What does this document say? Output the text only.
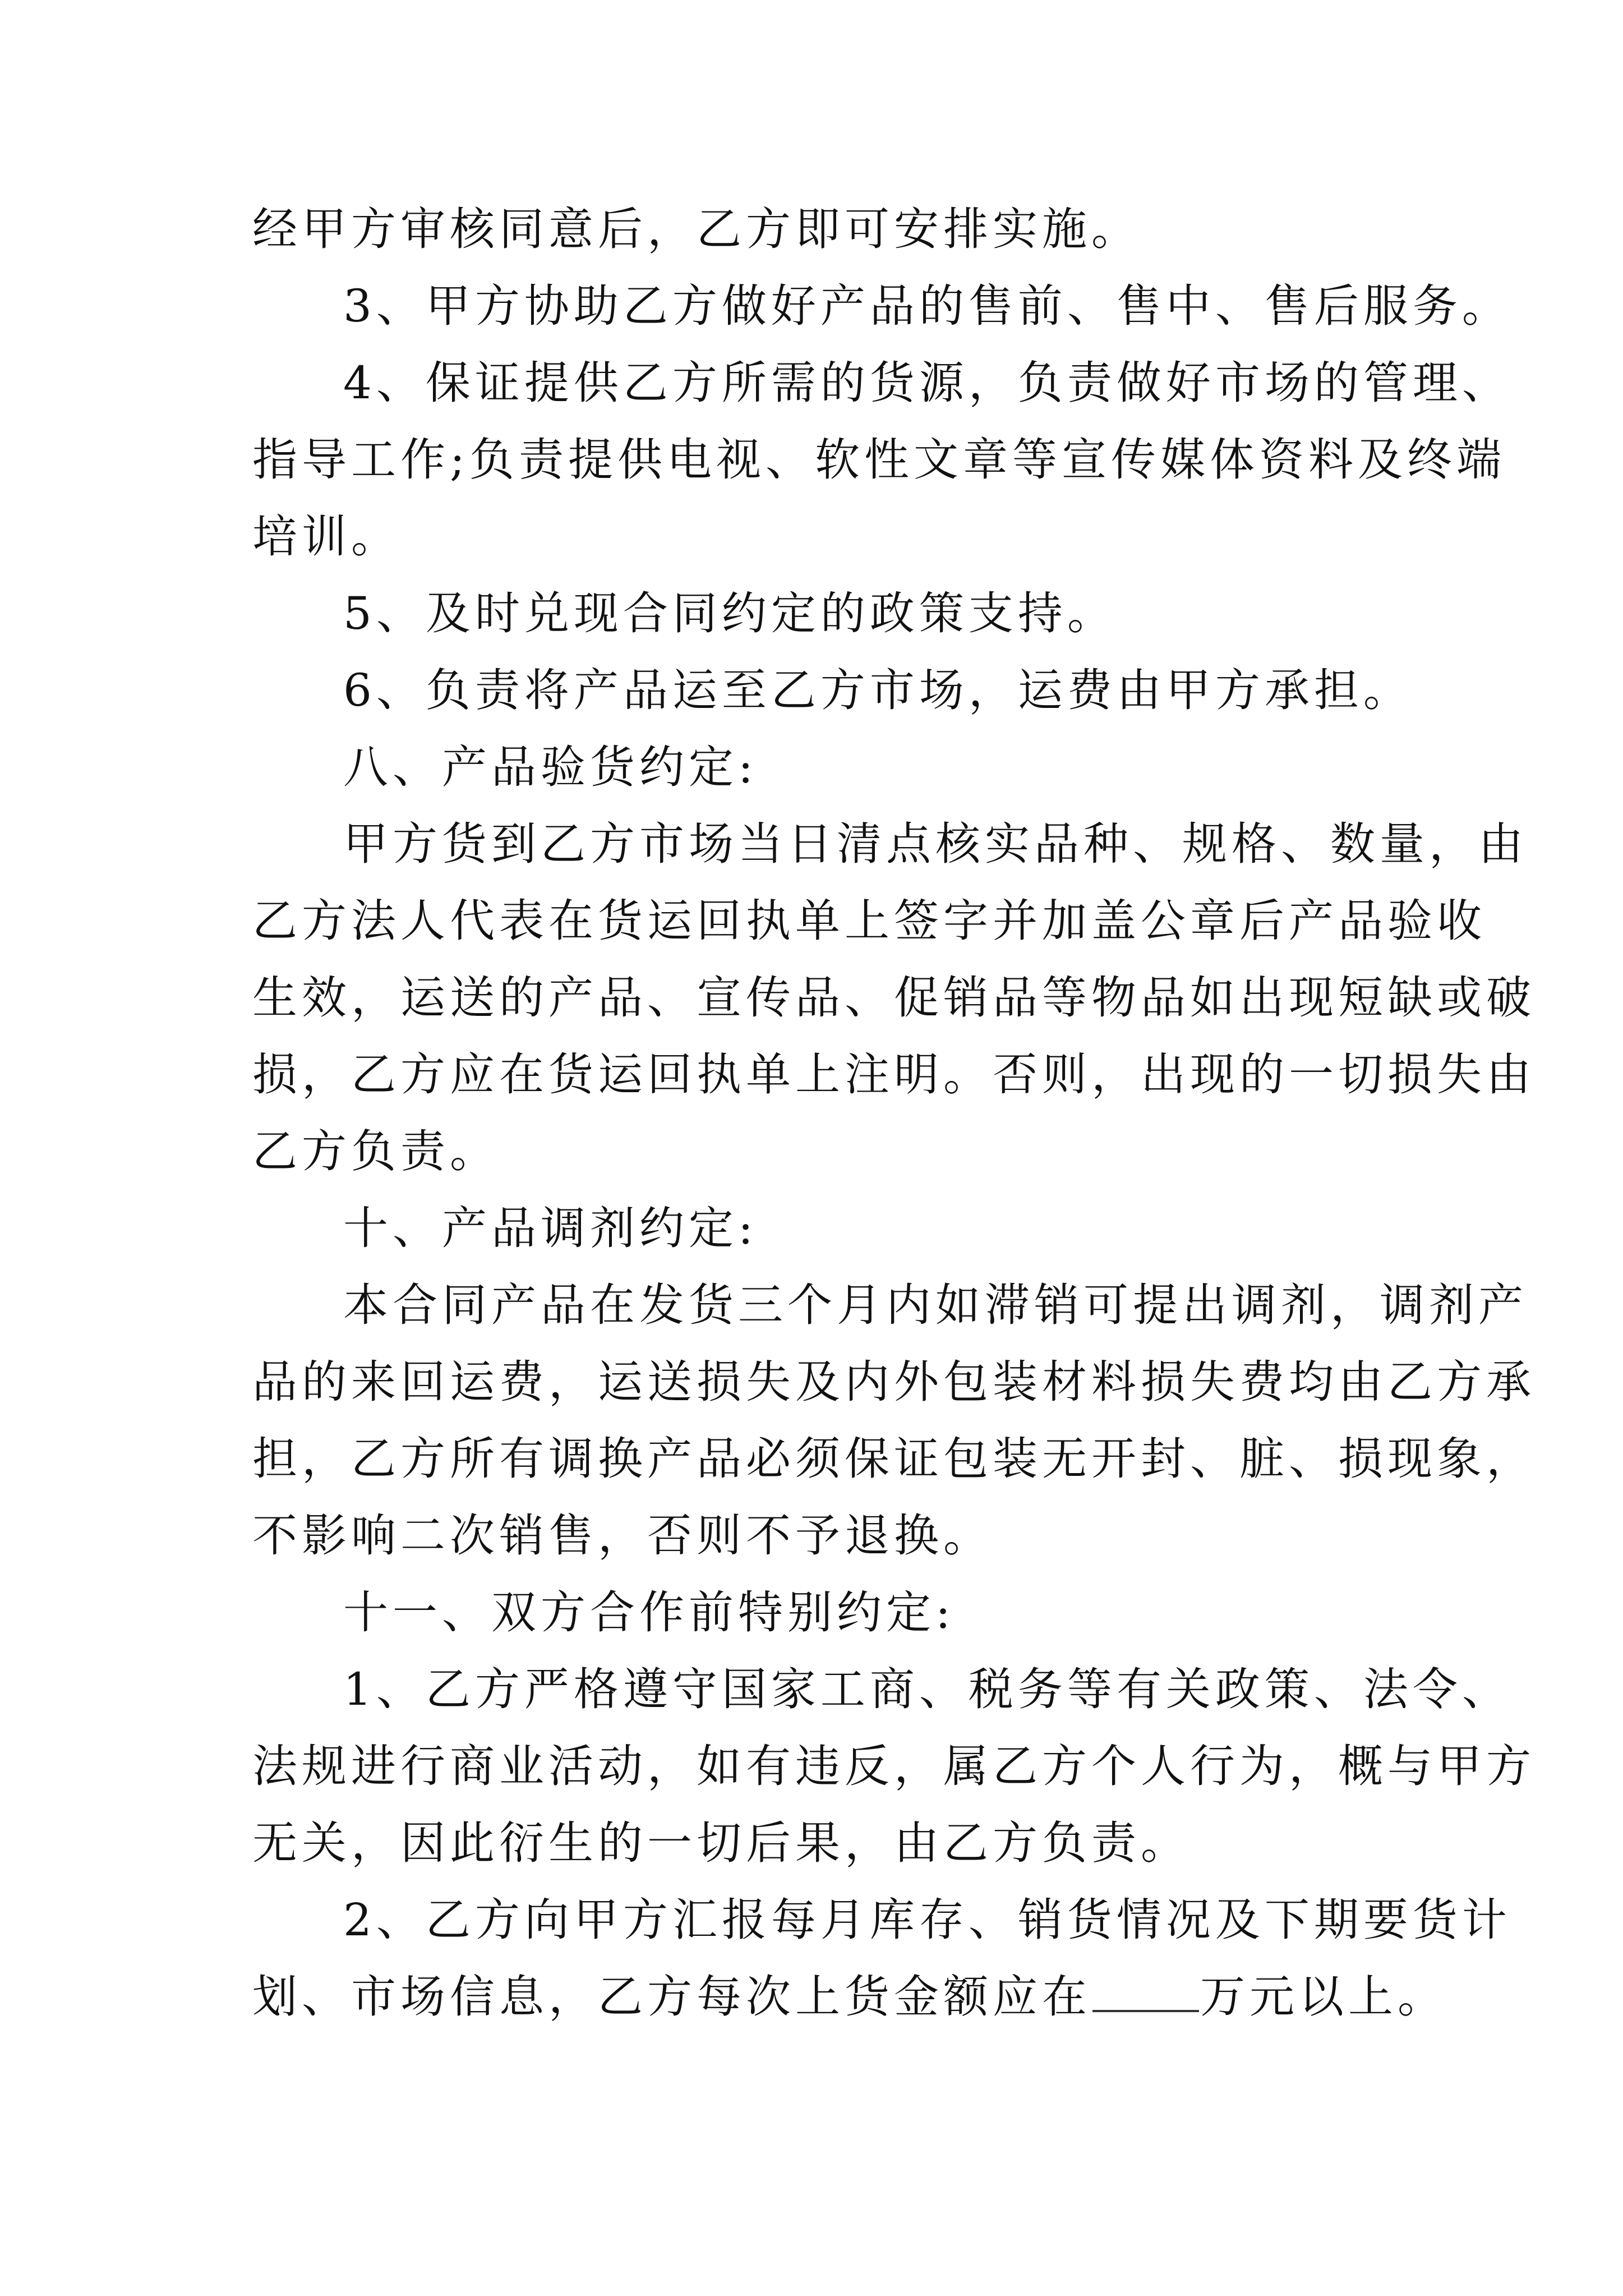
经甲方审核同意后，乙方即可安排实施。
3、甲方协助乙方做好产品的售前、售中、售后服务。
4、保证提供乙方所需的货源，负责做好市场的管理、
指导工作;负责提供电视、软性文章等宣传媒体资料及终端
培训。
5、及时兑现合同约定的政策支持。
6、负责将产品运至乙方市场，运费由甲方承担。
八、产品验货约定:
甲方货到乙方市场当日清点核实品种、规格、数量，由
乙方法人代表在货运回执单上签字并加盖公章后产品验收
生效，运送的产品、宣传品、促销品等物品如出现短缺或破
损，乙方应在货运回执单上注明。否则，出现的一切损失由
乙方负责。
十、产品调剂约定:
本合同产品在发货三个月内如滞销可提出调剂，调剂产
品的来回运费，运送损失及内外包装材料损失费均由乙方承
担，乙方所有调换产品必须保证包装无开封、脏、损现象，
不影响二次销售，否则不予退换。
十一、双方合作前特别约定:
1、乙方严格遵守国家工商、税务等有关政策、法令、
法规进行商业活动，如有违反，属乙方个人行为，概与甲方
无关，因此衍生的一切后果，由乙方负责。
2、乙方向甲方汇报每月库存、销货情况及下期要货计
划、市场信息，乙方每次上货金额应在 万元以上。
